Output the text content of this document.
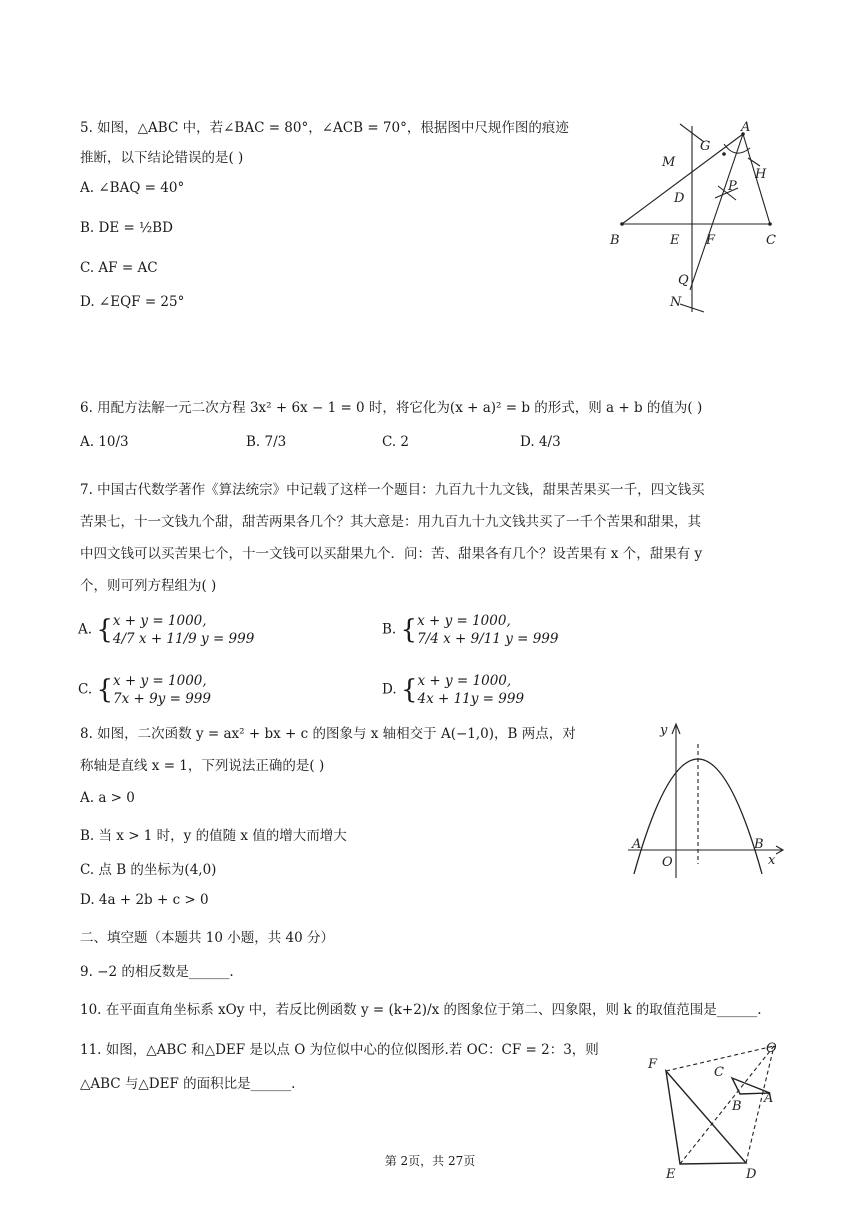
5. 如图，△ABC 中，若∠BAC = 80°，∠ACB = 70°，根据图中尺规作图的痕迹
推断，以下结论错误的是( )
A. ∠BAQ = 40°
B. DE = ½BD
C. AF = AC
D. ∠EQF = 25°
A
G
M
H
D
P
B	E F	C
Q
N
6. 用配方法解一元二次方程 3x² + 6x − 1 = 0 时，将它化为(x + a)² = b 的形式，则 a + b 的值为( )
A. 10/3	B. 7/3	C. 2	D. 4/3
7. 中国古代数学著作《算法统宗》中记载了这样一个题目：九百九十九文钱，甜果苦果买一千，四文钱买
苦果七，十一文钱九个甜，甜苦两果各几个？其大意是：用九百九十九文钱共买了一千个苦果和甜果，其
中四文钱可以买苦果七个，十一文钱可以买甜果九个．问：苦、甜果各有几个？设苦果有 x 个，甜果有 y
个，则可列方程组为( )
A. { x + y = 1000,
4/7 x + 11/9 y = 999
B. { x + y = 1000,
7/4 x + 9/11 y = 999
C. { x + y = 1000,
7x + 9y = 999
D. { x + y = 1000,
4x + 11y = 999
8. 如图，二次函数 y = ax² + bx + c 的图象与 x 轴相交于 A(−1,0)，B 两点，对
称轴是直线 x = 1，下列说法正确的是( )
A. a > 0
B. 当 x > 1 时，y 的值随 x 值的增大而增大
C. 点 B 的坐标为(4,0)
D. 4a + 2b + c > 0
y
A
O
B
x
二、填空题（本题共 10 小题，共 40 分）
9. −2 的相反数是______.
10. 在平面直角坐标系 xOy 中，若反比例函数 y = (k+2)/x 的图象位于第二、四象限，则 k 的取值范围是______.
11. 如图，△ABC 和△DEF 是以点 O 为位似中心的位似图形.若 OC：CF = 2：3，则
△ABC 与△DEF 的面积比是______.
O
C
B
A
F
E	D
第 2页，共 27页
